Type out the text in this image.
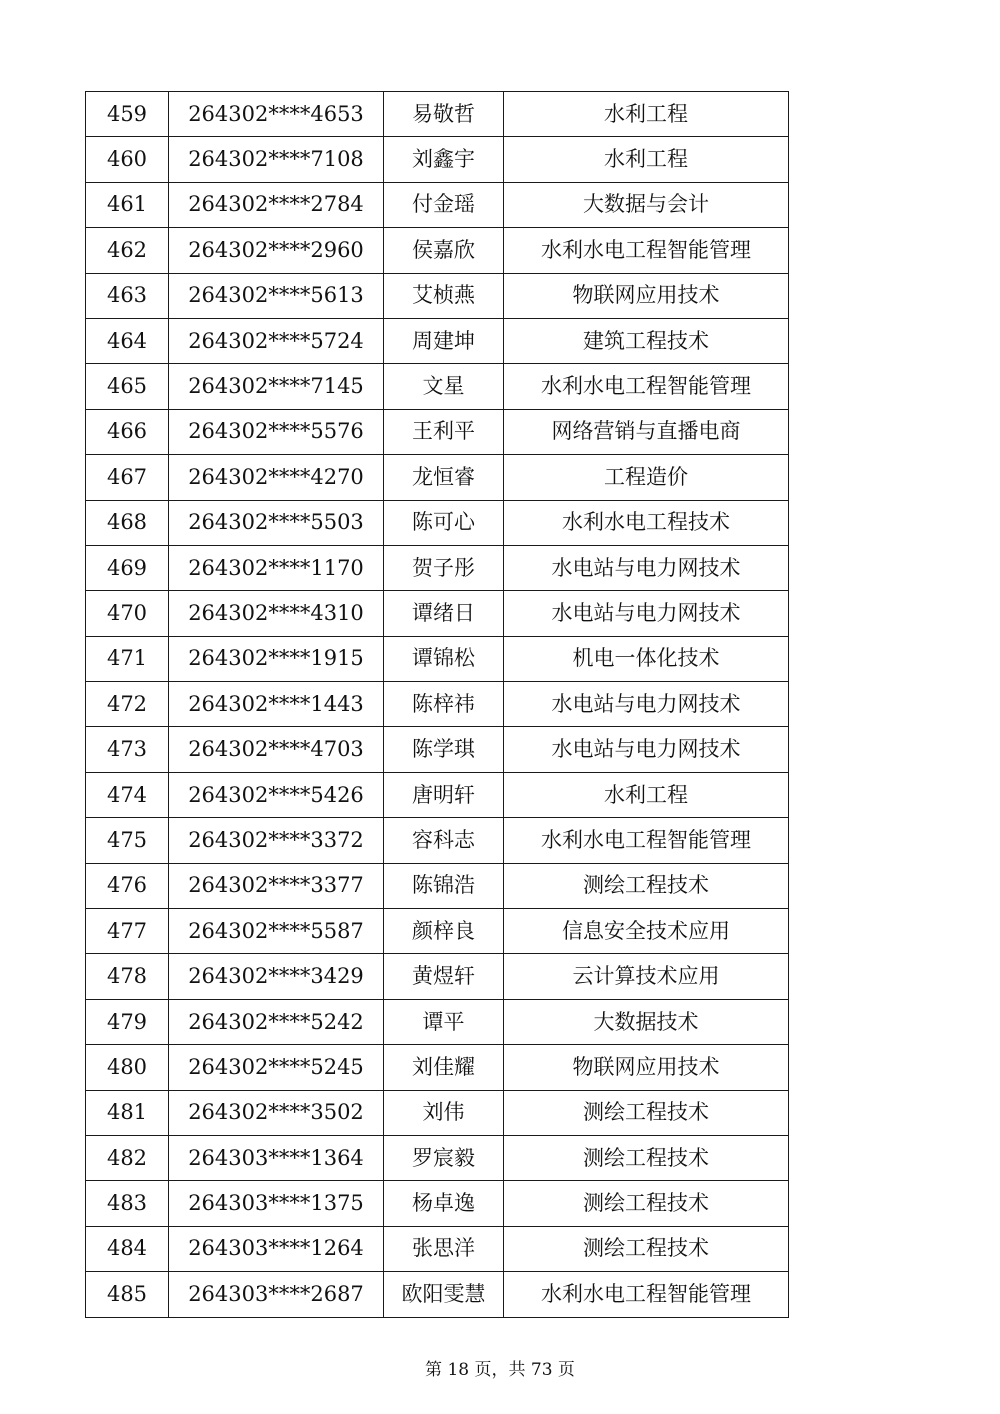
459	264302****4653	易敬哲	水利工程
460	264302****7108	刘鑫宇	水利工程
461	264302****2784	付金瑶	大数据与会计
462	264302****2960	侯嘉欣	水利水电工程智能管理
463	264302****5613	艾桢燕	物联网应用技术
464	264302****5724	周建坤	建筑工程技术
465	264302****7145	文星	水利水电工程智能管理
466	264302****5576	王利平	网络营销与直播电商
467	264302****4270	龙恒睿	工程造价
468	264302****5503	陈可心	水利水电工程技术
469	264302****1170	贺子彤	水电站与电力网技术
470	264302****4310	谭绪日	水电站与电力网技术
471	264302****1915	谭锦松	机电一体化技术
472	264302****1443	陈梓祎	水电站与电力网技术
473	264302****4703	陈学琪	水电站与电力网技术
474	264302****5426	唐明轩	水利工程
475	264302****3372	容科志	水利水电工程智能管理
476	264302****3377	陈锦浩	测绘工程技术
477	264302****5587	颜梓良	信息安全技术应用
478	264302****3429	黄煜轩	云计算技术应用
479	264302****5242	谭平	大数据技术
480	264302****5245	刘佳耀	物联网应用技术
481	264302****3502	刘伟	测绘工程技术
482	264303****1364	罗宸毅	测绘工程技术
483	264303****1375	杨卓逸	测绘工程技术
484	264303****1264	张思洋	测绘工程技术
485	264303****2687	欧阳雯慧	水利水电工程智能管理
第 18 页，共 73 页
